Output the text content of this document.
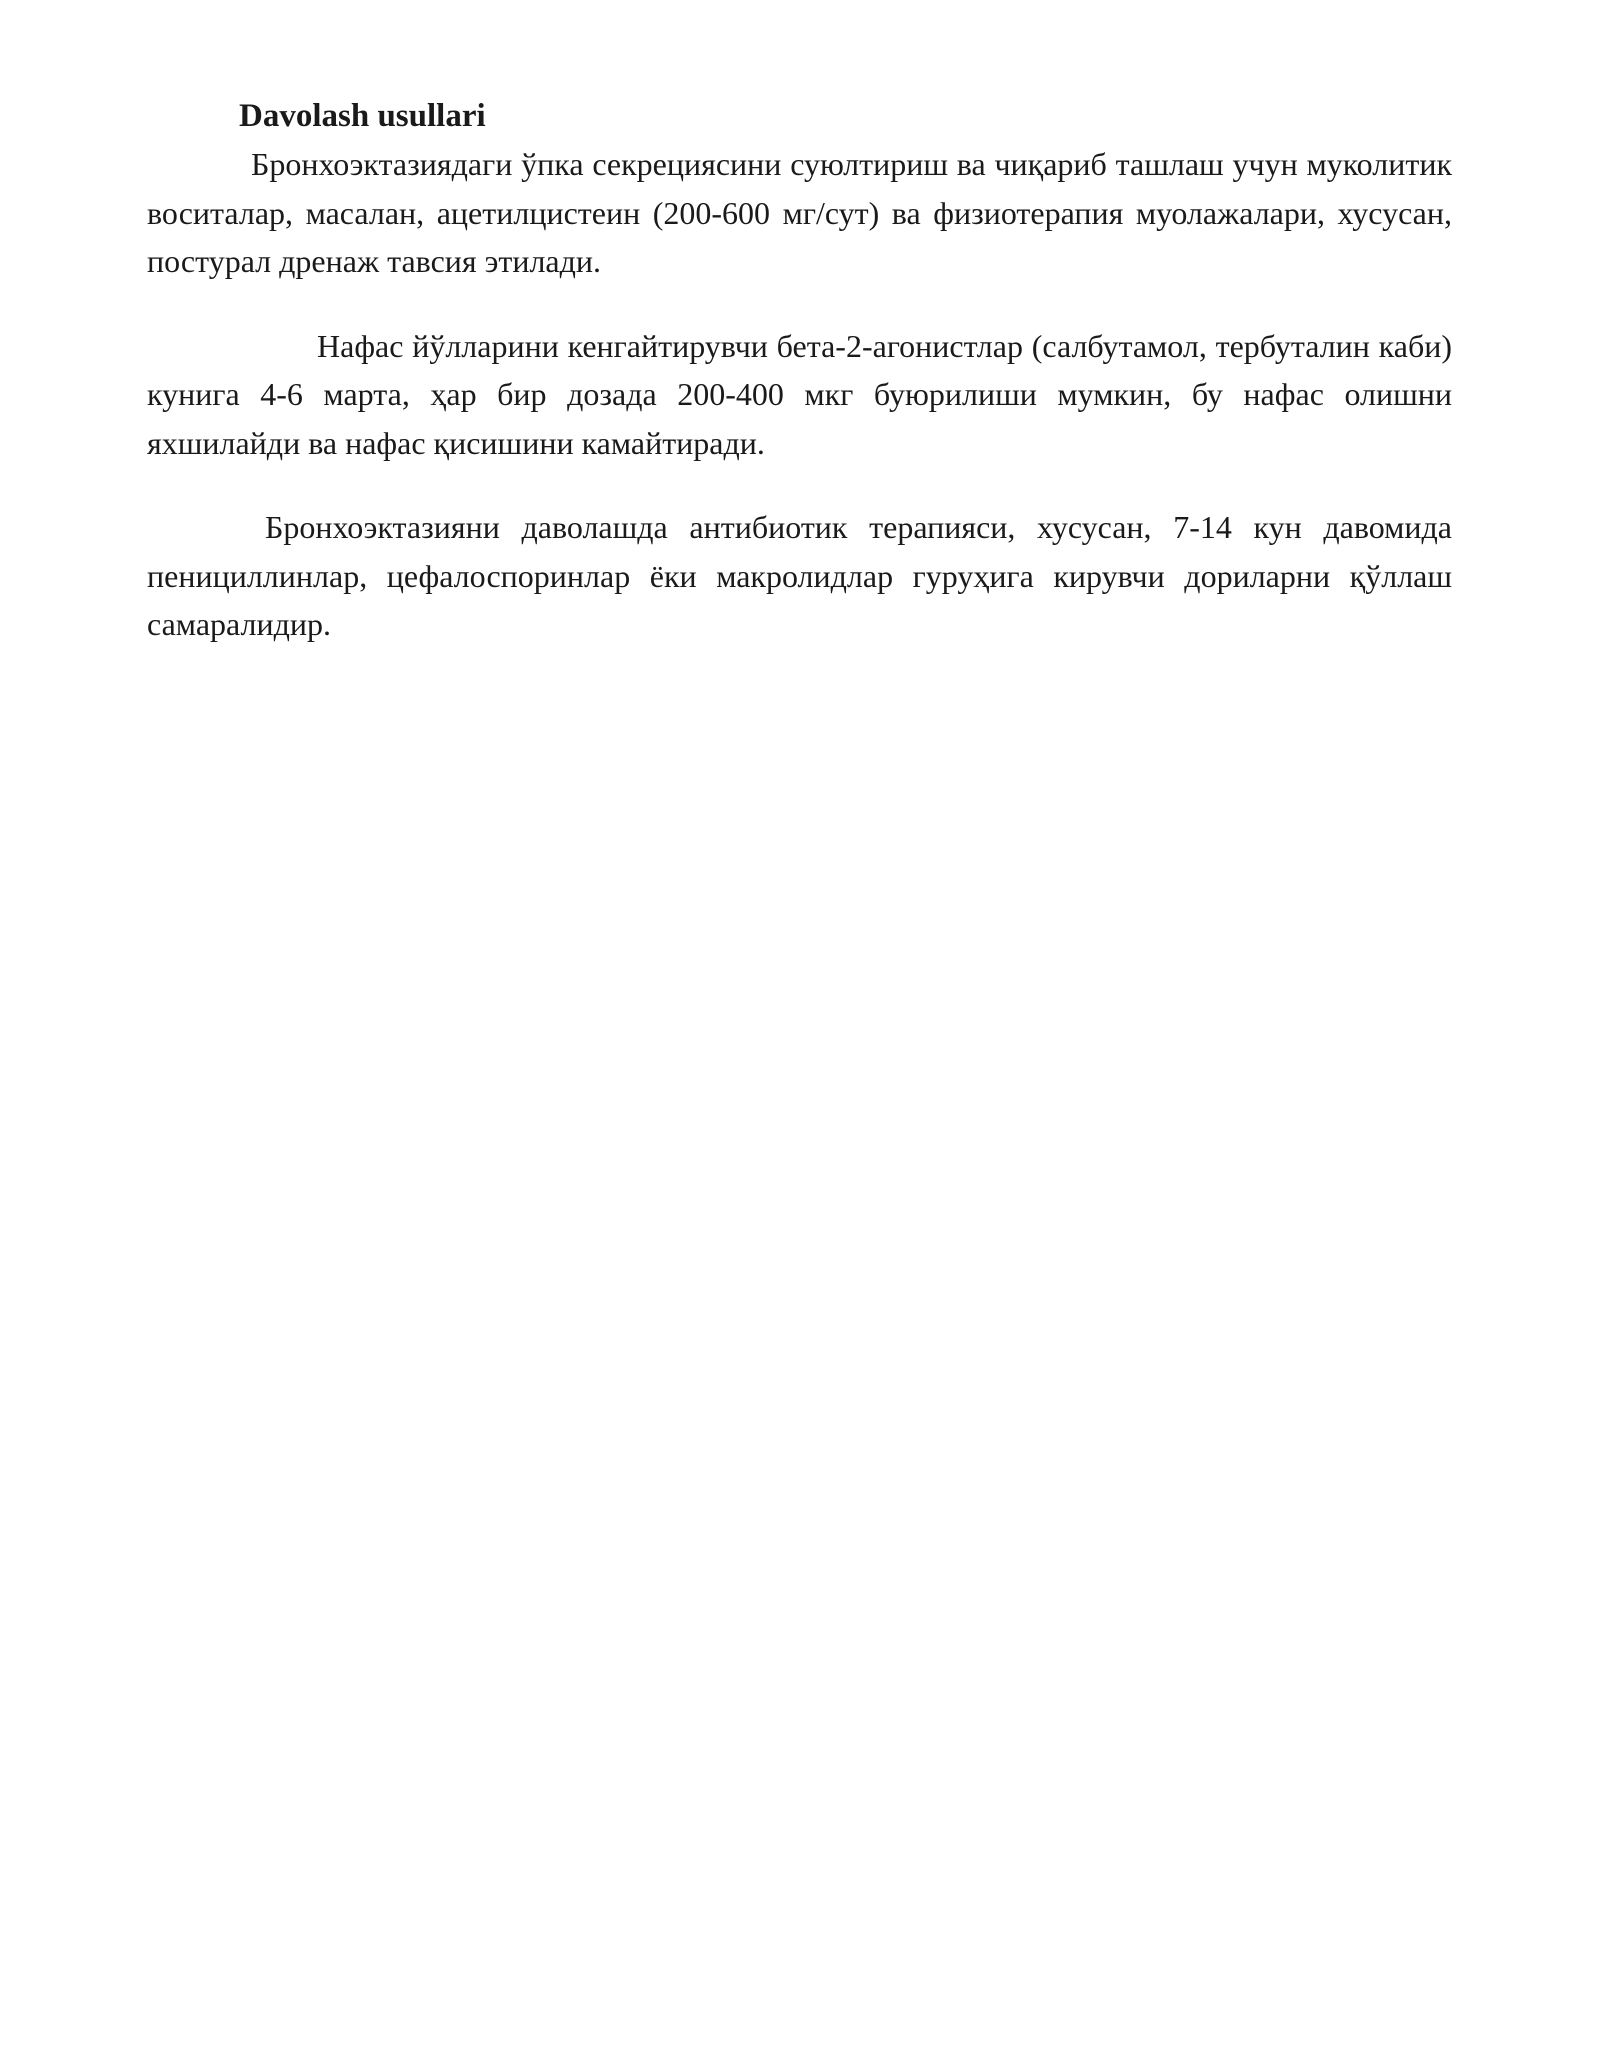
Davolash usullari

Бронхоэктазиядаги ўпка секрециясини суюлтириш ва чиқариб ташлаш учун муколитик воситалар, масалан, ацетилцистеин (200-600 мг/сут) ва физиотерапия муолажалари, хусусан, постурал дренаж тавсия этилади.

Нафас йўлларини кенгайтирувчи бета-2-агонистлар (салбутамол, тербуталин каби) кунига 4-6 марта, ҳар бир дозада 200-400 мкг буюрилиши мумкин, бу нафас олишни яхшилайди ва нафас қисишини камайтиради.

Бронхоэктазияни даволашда антибиотик терапияси, хусусан, 7-14 кун давомида пенициллинлар, цефалоспоринлар ёки макролидлар гуруҳига кирувчи дориларни қўллаш самаралидир.
